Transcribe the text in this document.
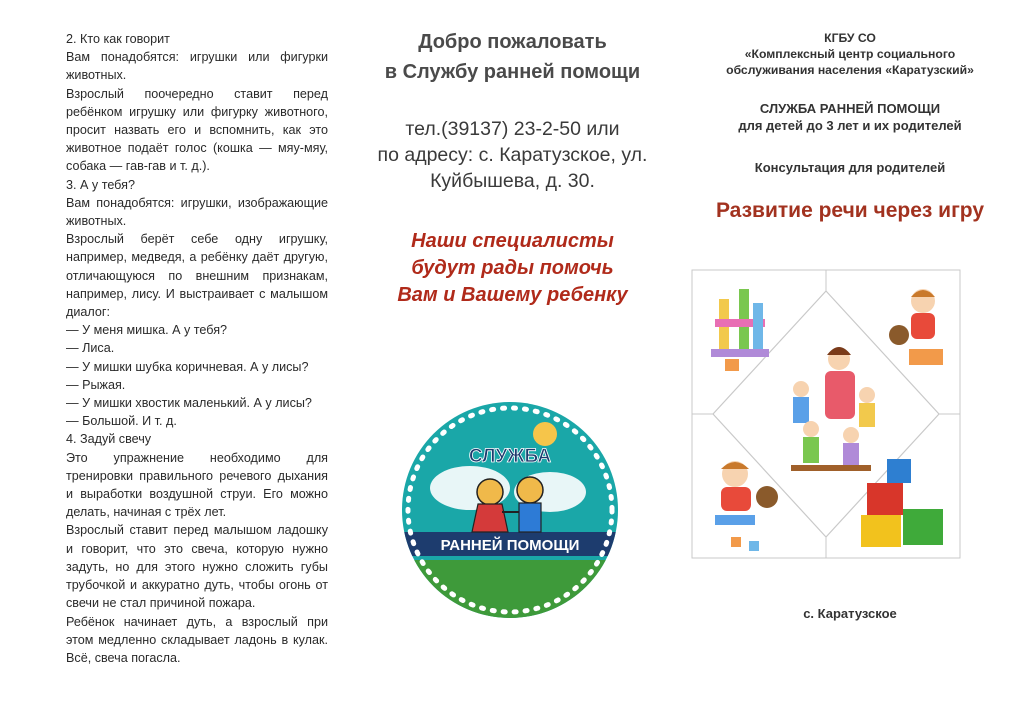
2. Кто как говорит

Вам понадобятся: игрушки или фигурки животных.

Взрослый поочередно ставит перед ребёнком игрушку или фигурку животного, просит назвать его и вспомнить, как это животное подаёт голос (кошка — мяу-мяу, собака — гав-гав и т. д.).

3. А у тебя?

Вам понадобятся: игрушки, изображающие животных.

Взрослый берёт себе одну игрушку, например, медведя, а ребёнку даёт другую, отличающуюся по внешним признакам, например, лису. И выстраивает с малышом диалог:

— У меня мишка. А у тебя?

— Лиса.

— У мишки шубка коричневая. А у лисы?

— Рыжая.

— У мишки хвостик маленький. А у лисы?

— Большой. И т. д.

4. Задуй свечу

Это упражнение необходимо для тренировки правильного речевого дыхания и выработки воздушной струи. Его можно делать, начиная с трёх лет.

Взрослый ставит перед малышом ладошку и говорит, что это свеча, которую нужно задуть, но для этого нужно сложить губы трубочкой и аккуратно дуть, чтобы огонь от свечи не стал причиной пожара.

Ребёнок начинает дуть, а взрослый при этом медленно складывает ладонь в кулак. Всё, свеча погасла.

Добро пожаловать
в Службу ранней помощи
тел.(39137) 23-2-50 или
по адресу: с. Каратузское, ул.
Куйбышева, д. 30.
Наши специалисты
будут рады помочь
Вам и Вашему ребенку
СЛУЖБА
РАННЕЙ ПОМОЩИ
КГБУ СО
«Комплексный центр социального
обслуживания населения «Каратузский»
СЛУЖБА РАННЕЙ ПОМОЩИ
для детей до 3 лет и их родителей
Консультация для родителей
Развитие речи через игру
с. Каратузское
